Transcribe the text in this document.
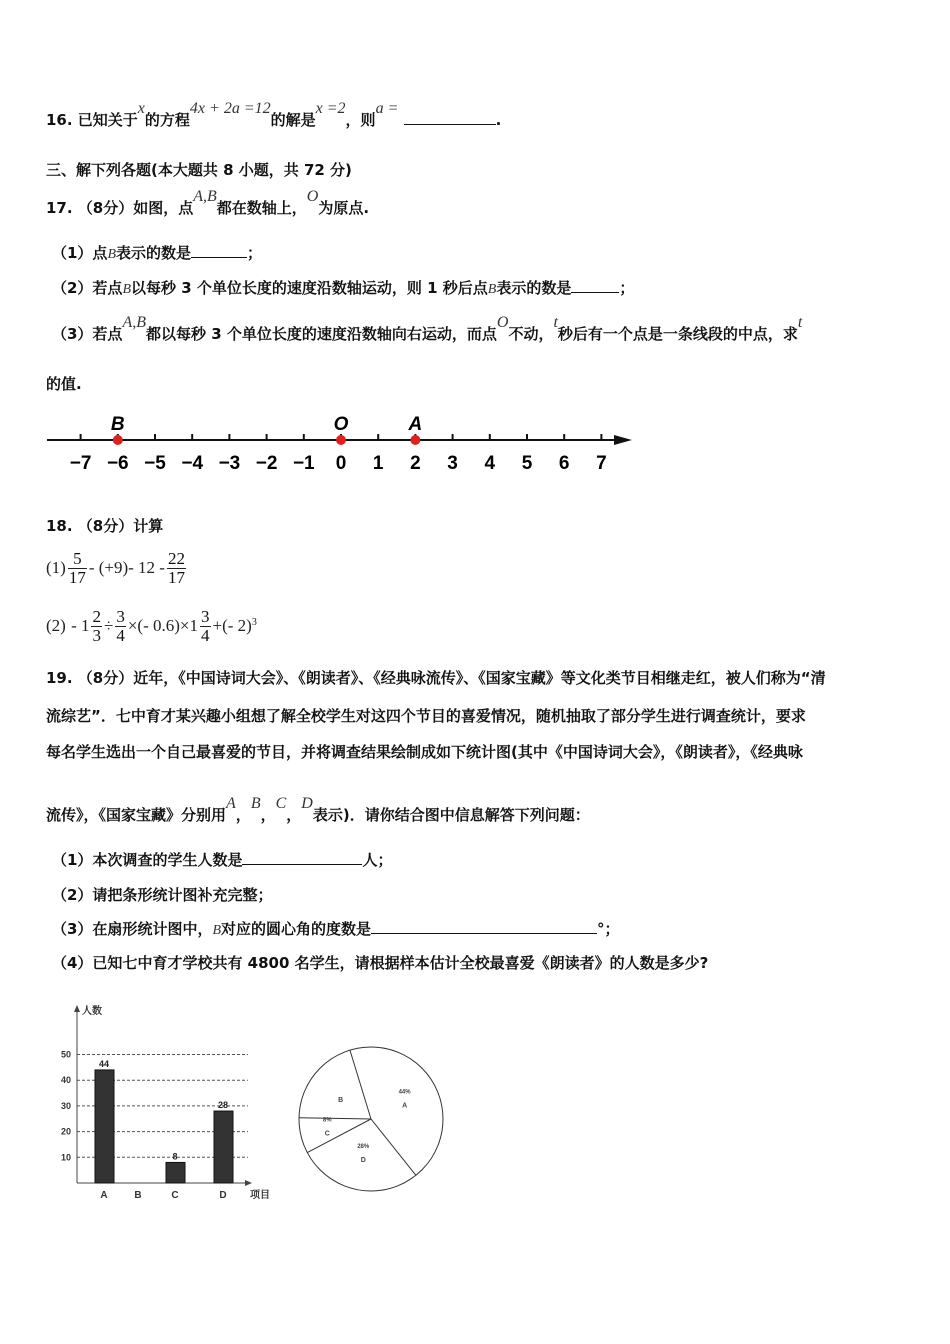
16. 已知关于x的方程4x + 2a =12的解是x =2，则a = .
三、解下列各题(本大题共 8 小题，共 72 分)
17. （8分）如图，点A,B都在数轴上，O为原点.
（1）点B表示的数是	；
（2）若点B以每秒 3 个单位长度的速度沿数轴运动，则 1 秒后点B表示的数是	；
（3）若点A,B都以每秒 3 个单位长度的速度沿数轴向右运动，而点O不动，t秒后有一个点是一条线段的中点，求t
的值.
−7 −6 −5 −4 −3 −2 −1 0 1 2 3 4 5 6 7
B	O	A
18. （8分）计算
$(1) \frac{5}{17} - (+9)-$ $12 - \frac{22}{17}$
$(2) - 1 \frac{2}{3} \div \frac{3}{4}$ ×(- $0.6)\times 1 \frac{3}{4}$ +(- 2)$^3$
19. （8分）近年，《中国诗词大会》、《朗读者》、《经典咏流传》、《国家宝藏》等文化类节目相继走红，被人们称为“清
流综艺”．七中育才某兴趣小组想了解全校学生对这四个节目的喜爱情况，随机抽取了部分学生进行调查统计，要求
每名学生选出一个自己最喜爱的节目，并将调查结果绘制成如下统计图(其中《中国诗词大会》，《朗读者》，《经典咏
流传》，《国家宝藏》分别用A，B，C，D表示)．请你结合图中信息解答下列问题：
（1）本次调查的学生人数是	人；
（2）请把条形统计图补充完整；
（3）在扇形统计图中，B对应的圆心角的度数是	°；
（4）已知七中育才学校共有 4800 名学生，请根据样本估计全校最喜爱《朗读者》的人数是多少?
人数
项目
10
20
30
40
50
A
44
B	C
8
D
28
44%
A
28%
D
8%
C
B
